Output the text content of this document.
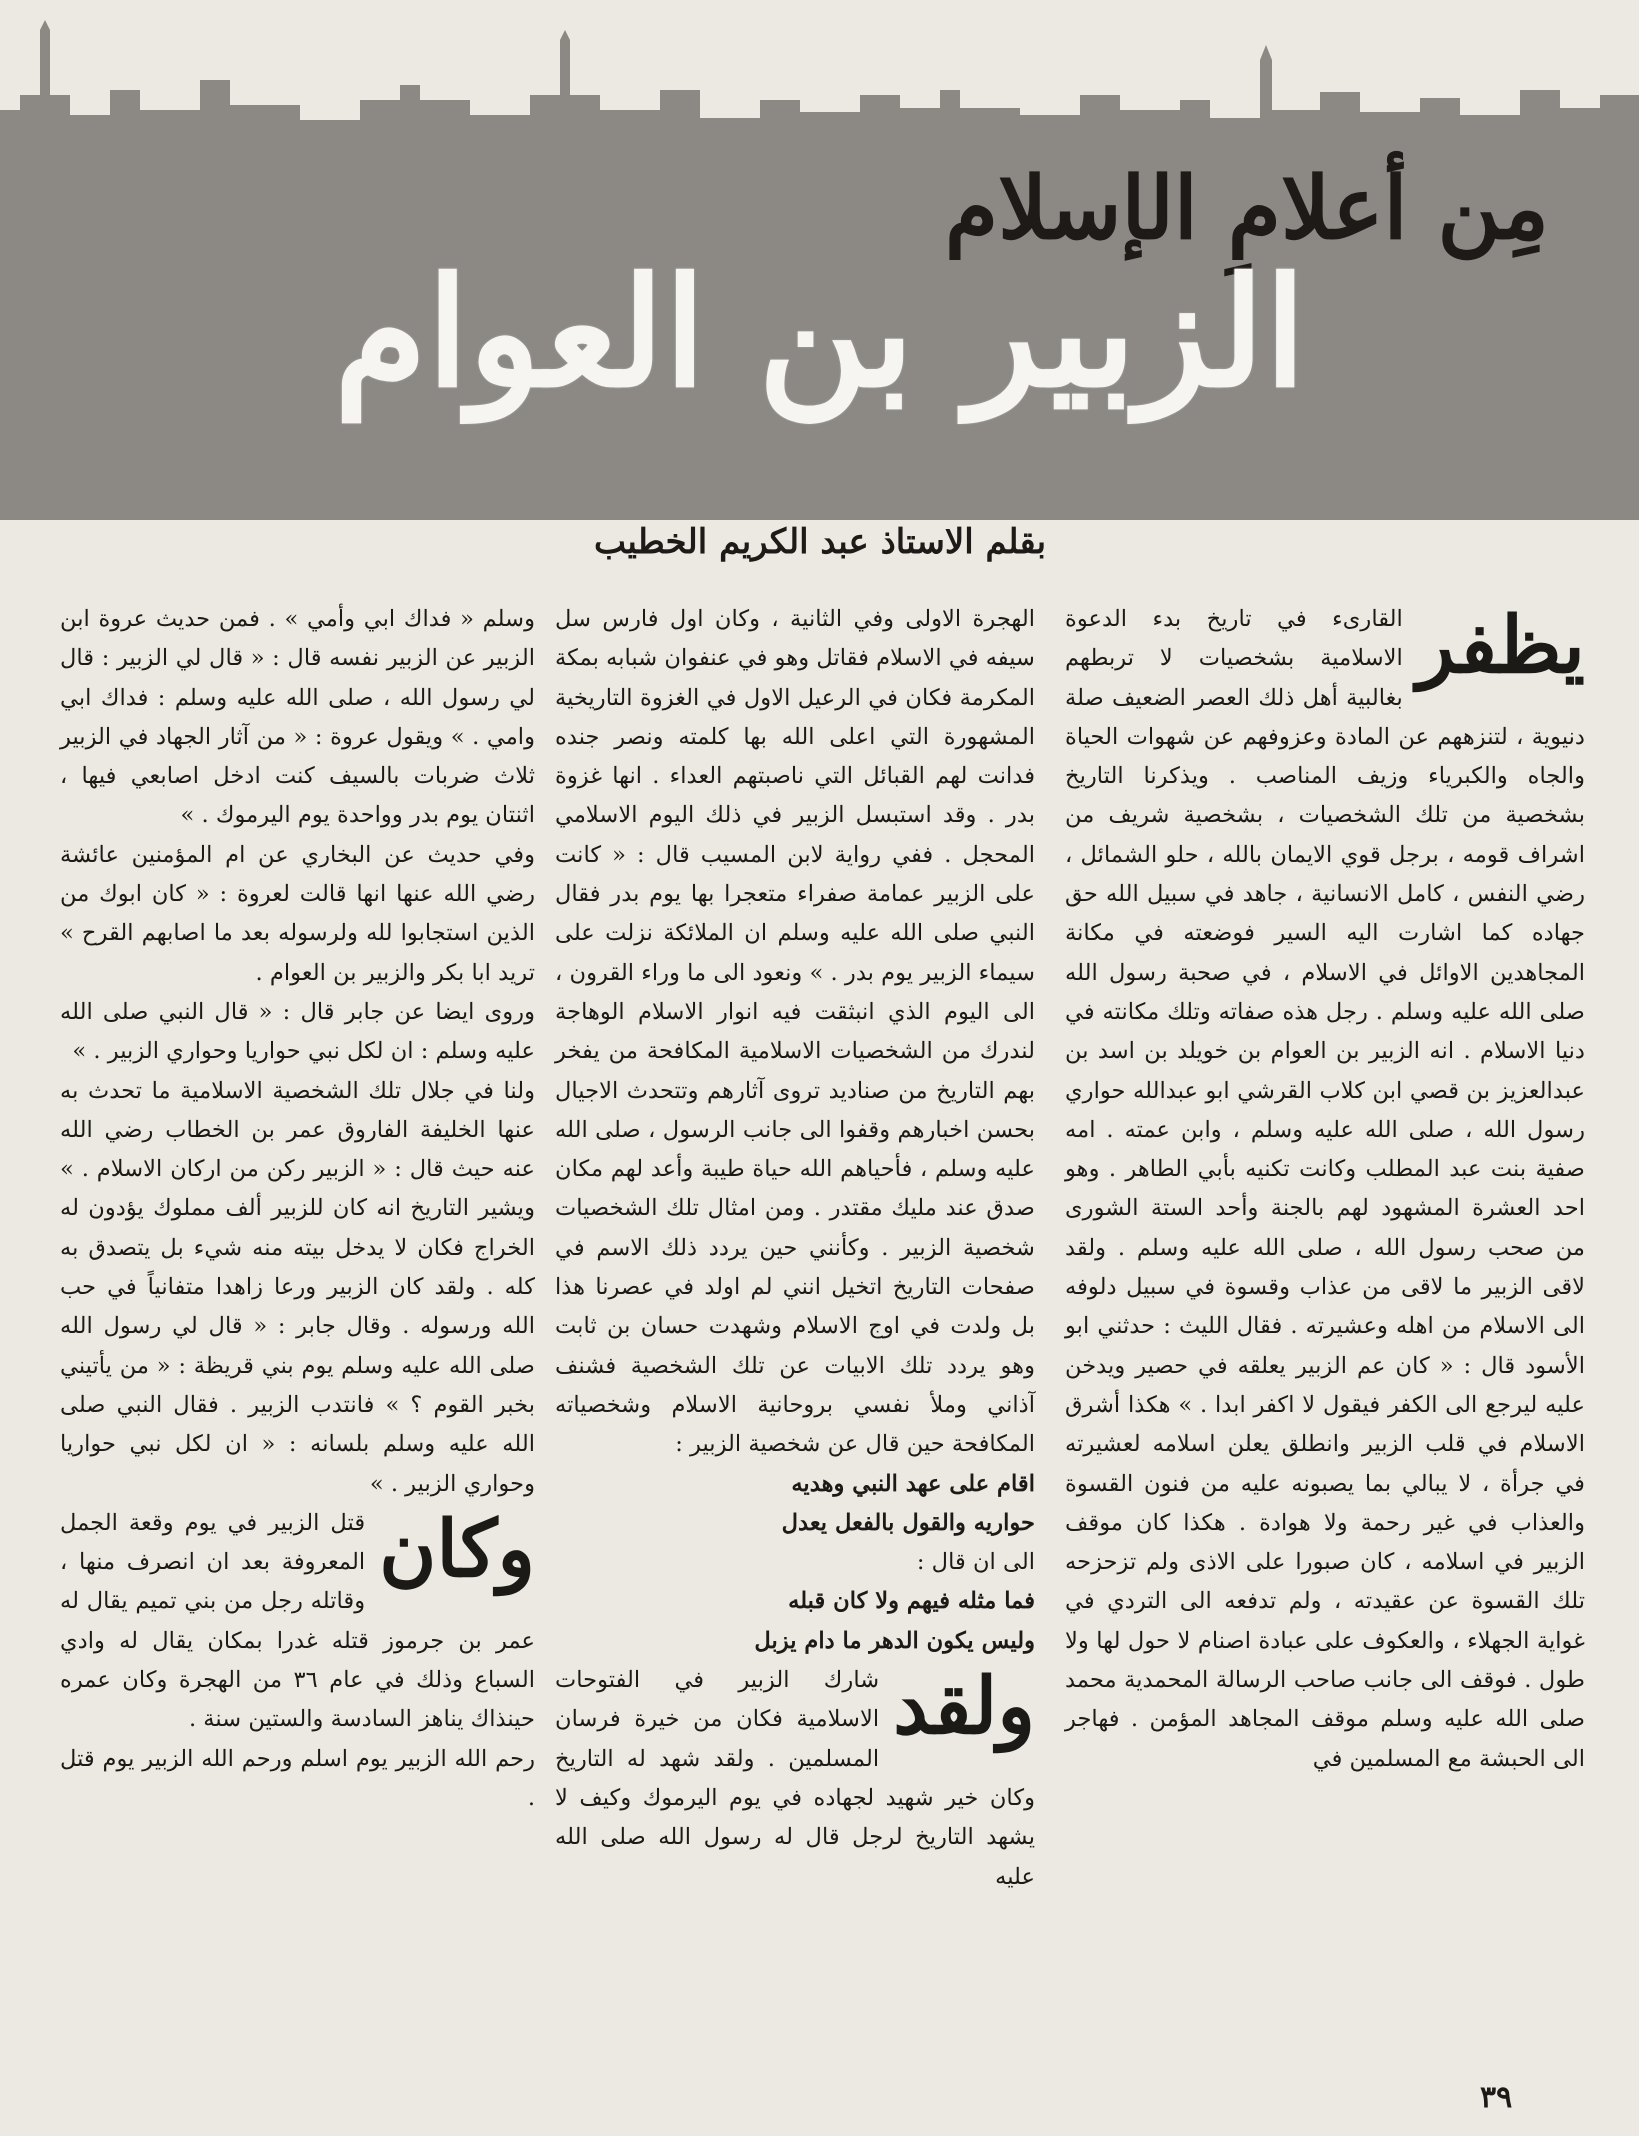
مِن أعلامِ الإسلام
الزبير بن العوام
بقلم الاستاذ عبد الكريم الخطيب
يظفر

القارىء في تاريخ بدء الدعوة الاسلامية بشخصيات لا تربطهم بغالبية أهل ذلك العصر الضعيف صلة دنيوية ، لتنزههم عن المادة وعزوفهم عن شهوات الحياة والجاه والكبرياء وزيف المناصب . ويذكرنا التاريخ بشخصية من تلك الشخصيات ، بشخصية شريف من اشراف قومه ، برجل قوي الايمان بالله ، حلو الشمائل ، رضي النفس ، كامل الانسانية ، جاهد في سبيل الله حق جهاده كما اشارت اليه السير فوضعته في مكانة المجاهدين الاوائل في الاسلام ، في صحبة رسول الله صلى الله عليه وسلم . رجل هذه صفاته وتلك مكانته في دنيا الاسلام . انه الزبير بن العوام بن خويلد بن اسد بن عبدالعزيز بن قصي ابن كلاب القرشي ابو عبدالله حواري رسول الله ، صلى الله عليه وسلم ، وابن عمته . امه صفية بنت عبد المطلب وكانت تكنيه بأبي الطاهر . وهو احد العشرة المشهود لهم بالجنة وأحد الستة الشورى من صحب رسول الله ، صلى الله عليه وسلم . ولقد لاقى الزبير ما لاقى من عذاب وقسوة في سبيل دلوفه الى الاسلام من اهله وعشيرته . فقال الليث : حدثني ابو الأسود قال : « كان عم الزبير يعلقه في حصير ويدخن عليه ليرجع الى الكفر فيقول لا اكفر ابدا . » هكذا أشرق الاسلام في قلب الزبير وانطلق يعلن اسلامه لعشيرته في جرأة ، لا يبالي بما يصبونه عليه من فنون القسوة والعذاب في غير رحمة ولا هوادة . هكذا كان موقف الزبير في اسلامه ، كان صبورا على الاذى ولم تزحزحه تلك القسوة عن عقيدته ، ولم تدفعه الى التردي في غواية الجهلاء ، والعكوف على عبادة اصنام لا حول لها ولا طول . فوقف الى جانب صاحب الرسالة المحمدية محمد صلى الله عليه وسلم موقف المجاهد المؤمن . فهاجر الى الحبشة مع المسلمين في

الهجرة الاولى وفي الثانية ، وكان اول فارس سل سيفه في الاسلام فقاتل وهو في عنفوان شبابه بمكة المكرمة فكان في الرعيل الاول في الغزوة التاريخية المشهورة التي اعلى الله بها كلمته ونصر جنده فدانت لهم القبائل التي ناصبتهم العداء . انها غزوة بدر . وقد استبسل الزبير في ذلك اليوم الاسلامي المحجل . ففي رواية لابن المسيب قال : « كانت على الزبير عمامة صفراء متعجرا بها يوم بدر فقال النبي صلى الله عليه وسلم ان الملائكة نزلت على سيماء الزبير يوم بدر . » ونعود الى ما وراء القرون ، الى اليوم الذي انبثقت فيه انوار الاسلام الوهاجة لندرك من الشخصيات الاسلامية المكافحة من يفخر بهم التاريخ من صناديد تروى آثارهم وتتحدث الاجيال بحسن اخبارهم وقفوا الى جانب الرسول ، صلى الله عليه وسلم ، فأحياهم الله حياة طيبة وأعد لهم مكان صدق عند مليك مقتدر . ومن امثال تلك الشخصيات شخصية الزبير . وكأنني حين يردد ذلك الاسم في صفحات التاريخ اتخيل انني لم اولد في عصرنا هذا بل ولدت في اوج الاسلام وشهدت حسان بن ثابت وهو يردد تلك الابيات عن تلك الشخصية فشنف آذاني وملأ نفسي بروحانية الاسلام وشخصياته المكافحة حين قال عن شخصية الزبير :

اقام على عهد النبي وهديه

حواريه والقول بالفعل يعدل

الى ان قال :

فما مثله فيهم ولا كان قبله

وليس يكون الدهر ما دام يزبل

ولقد

شارك الزبير في الفتوحات الاسلامية فكان من خيرة فرسان المسلمين . ولقد شهد له التاريخ وكان خير شهيد لجهاده في يوم اليرموك وكيف لا يشهد التاريخ لرجل قال له رسول الله صلى الله عليه

وسلم « فداك ابي وأمي » . فمن حديث عروة ابن الزبير عن الزبير نفسه قال : « قال لي الزبير : قال لي رسول الله ، صلى الله عليه وسلم : فداك ابي وامي . » ويقول عروة : « من آثار الجهاد في الزبير ثلاث ضربات بالسيف كنت ادخل اصابعي فيها ، اثنتان يوم بدر وواحدة يوم اليرموك . »

وفي حديث عن البخاري عن ام المؤمنين عائشة رضي الله عنها انها قالت لعروة : « كان ابوك من الذين استجابوا لله ولرسوله بعد ما اصابهم القرح » تريد ابا بكر والزبير بن العوام .

وروى ايضا عن جابر قال : « قال النبي صلى الله عليه وسلم : ان لكل نبي حواريا وحواري الزبير . »

ولنا في جلال تلك الشخصية الاسلامية ما تحدث به عنها الخليفة الفاروق عمر بن الخطاب رضي الله عنه حيث قال : « الزبير ركن من اركان الاسلام . » ويشير التاريخ انه كان للزبير ألف مملوك يؤدون له الخراج فكان لا يدخل بيته منه شيء بل يتصدق به كله . ولقد كان الزبير ورعا زاهدا متفانياً في حب الله ورسوله . وقال جابر : « قال لي رسول الله صلى الله عليه وسلم يوم بني قريظة : « من يأتيني بخبر القوم ؟ » فانتدب الزبير . فقال النبي صلى الله عليه وسلم بلسانه : « ان لكل نبي حواريا وحواري الزبير . »

وكان

قتل الزبير في يوم وقعة الجمل المعروفة بعد ان انصرف منها ، وقاتله رجل من بني تميم يقال له عمر بن جرموز قتله غدرا بمكان يقال له وادي السباع وذلك في عام ٣٦ من الهجرة وكان عمره حينذاك يناهز السادسة والستين سنة .

رحم الله الزبير يوم اسلم ورحم الله الزبير يوم قتل .

٣٩
